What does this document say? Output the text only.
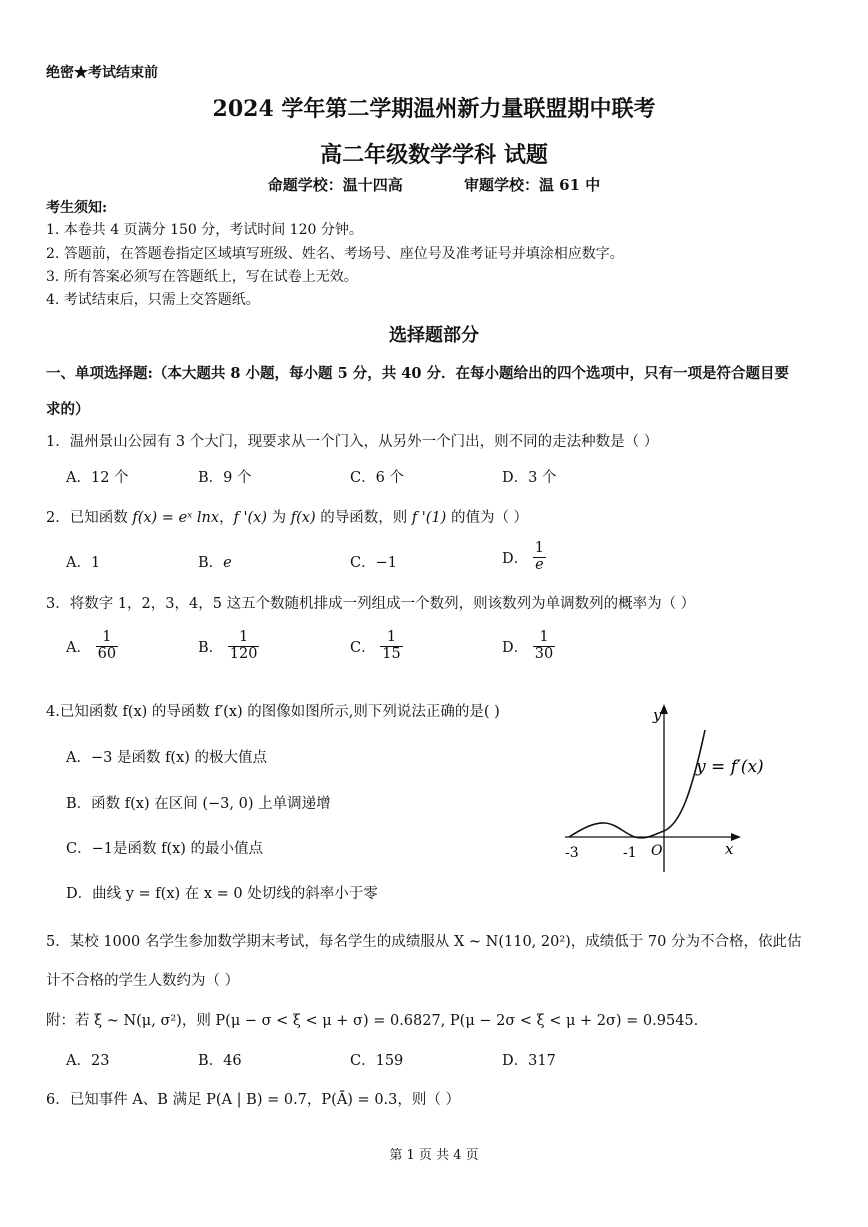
绝密★考试结束前
2024 学年第二学期温州新力量联盟期中联考
高二年级数学学科 试题
命题学校：温十四高	审题学校：温 61 中
考生须知:
1. 本卷共 4 页满分 150 分，考试时间 120 分钟。
2. 答题前，在答题卷指定区域填写班级、姓名、考场号、座位号及准考证号并填涂相应数字。
3. 所有答案必须写在答题纸上，写在试卷上无效。
4. 考试结束后，只需上交答题纸。
选择题部分
一、单项选择题:（本大题共 8 小题，每小题 5 分，共 40 分．在每小题给出的四个选项中，只有一项是符合题目要
求的）
1．温州景山公园有 3 个大门，现要求从一个门入，从另外一个门出，则不同的走法种数是（ ）
A．12 个	B．9 个	C．6 个	D．3 个
2．已知函数 f(x) = eˣ lnx，f '(x) 为 f(x) 的导函数，则 f '(1) 的值为（ ）
A．1	B．e	C．−1	D． $\frac{1}{e}$
3．将数字 1，2，3，4，5 这五个数随机排成一列组成一个数列，则该数列为单调数列的概率为（ ）
A． $\frac{1}{60}$	B． $\frac{1}{120}$	C． $\frac{1}{15}$	D． $\frac{1}{30}$
4.已知函数 f(x) 的导函数 f′(x) 的图像如图所示,则下列说法正确的是( )
A．−3 是函数 f(x) 的极大值点
B．函数 f(x) 在区间 (−3, 0) 上单调递增
C．−1是函数 f(x) 的最小值点
D．曲线 y = f(x) 在 x = 0 处切线的斜率小于零
y
x
O
-3	-1
y = f′(x)
5．某校 1000 名学生参加数学期末考试，每名学生的成绩服从 X ~ N(110, 20²)，成绩低于 70 分为不合格，依此估
计不合格的学生人数约为（ ）
附：若 ξ ~ N(μ, σ²)，则 P(μ − σ < ξ < μ + σ) = 0.6827, P(μ − 2σ < ξ < μ + 2σ) = 0.9545.
A．23	B．46	C．159	D．317
6．已知事件 A、B 满足 P(A | B) = 0.7，P(Ā) = 0.3，则（ ）
第 1 页 共 4 页
